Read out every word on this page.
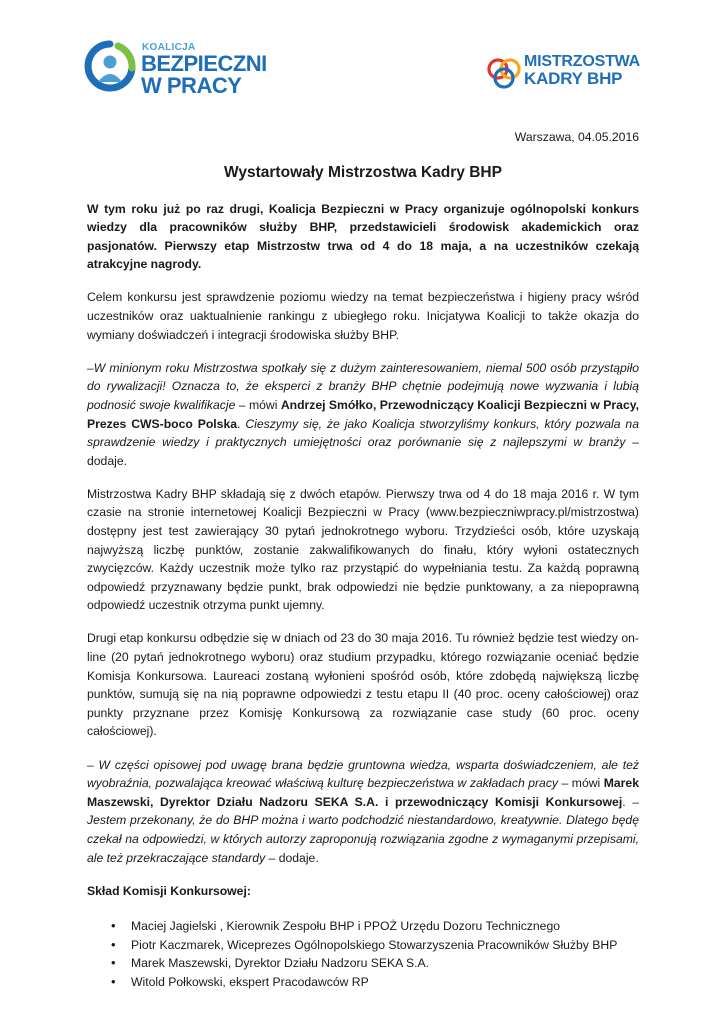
KOALICJA
BEZPIECZNI
W PRACY
MISTRZOSTWA
KADRY BHP

Warszawa, 04.05.2016

Wystartowały Mistrzostwa Kadry BHP

W tym roku już po raz drugi, Koalicja Bezpieczni w Pracy organizuje ogólnopolski konkurs wiedzy dla pracowników służby BHP, przedstawicieli środowisk akademickich oraz pasjonatów. Pierwszy etap Mistrzostw trwa od 4 do 18 maja, a na uczestników czekają atrakcyjne nagrody.

Celem konkursu jest sprawdzenie poziomu wiedzy na temat bezpieczeństwa i higieny pracy wśród uczestników oraz uaktualnienie rankingu z ubiegłego roku. Inicjatywa Koalicji to także okazja do wymiany doświadczeń i integracji środowiska służby BHP.

–W minionym roku Mistrzostwa spotkały się z dużym zainteresowaniem, niemal 500 osób przystąpiło do rywalizacji! Oznacza to, że eksperci z branży BHP chętnie podejmują nowe wyzwania i lubią podnosić swoje kwalifikacje – mówi Andrzej Smółko, Przewodniczący Koalicji Bezpieczni w Pracy, Prezes CWS-boco Polska. Cieszymy się, że jako Koalicja stworzyliśmy konkurs, który pozwala na sprawdzenie wiedzy i praktycznych umiejętności oraz porównanie się z najlepszymi w branży – dodaje.

Mistrzostwa Kadry BHP składają się z dwóch etapów. Pierwszy trwa od 4 do 18 maja 2016 r. W tym czasie na stronie internetowej Koalicji Bezpieczni w Pracy (www.bezpieczniwpracy.pl/mistrzostwa) dostępny jest test zawierający 30 pytań jednokrotnego wyboru. Trzydzieści osób, które uzyskają najwyższą liczbę punktów, zostanie zakwalifikowanych do finału, który wyłoni ostatecznych zwycięzców. Każdy uczestnik może tylko raz przystąpić do wypełniania testu. Za każdą poprawną odpowiedź przyznawany będzie punkt, brak odpowiedzi nie będzie punktowany, a za niepoprawną odpowiedź uczestnik otrzyma punkt ujemny.

Drugi etap konkursu odbędzie się w dniach od 23 do 30 maja 2016. Tu również będzie test wiedzy on-line (20 pytań jednokrotnego wyboru) oraz studium przypadku, którego rozwiązanie oceniać będzie Komisja Konkursowa. Laureaci zostaną wyłonieni spośród osób, które zdobędą największą liczbę punktów, sumują się na nią poprawne odpowiedzi z testu etapu II (40 proc. oceny całościowej) oraz punkty przyznane przez Komisję Konkursową za rozwiązanie case study (60 proc. oceny całościowej).

– W części opisowej pod uwagę brana będzie gruntowna wiedza, wsparta doświadczeniem, ale też wyobraźnia, pozwalająca kreować właściwą kulturę bezpieczeństwa w zakładach pracy – mówi Marek Maszewski, Dyrektor Działu Nadzoru SEKA S.A. i przewodniczący Komisji Konkursowej. – Jestem przekonany, że do BHP można i warto podchodzić niestandardowo, kreatywnie. Dlatego będę czekał na odpowiedzi, w których autorzy zaproponują rozwiązania zgodne z wymaganymi przepisami, ale też przekraczające standardy – dodaje.

Skład Komisji Konkursowej:

• Maciej Jagielski , Kierownik Zespołu BHP i PPOŻ Urzędu Dozoru Technicznego
• Piotr Kaczmarek, Wiceprezes Ogólnopolskiego Stowarzyszenia Pracowników Służby BHP
• Marek Maszewski, Dyrektor Działu Nadzoru SEKA S.A.
• Witold Połkowski, ekspert Pracodawców RP
